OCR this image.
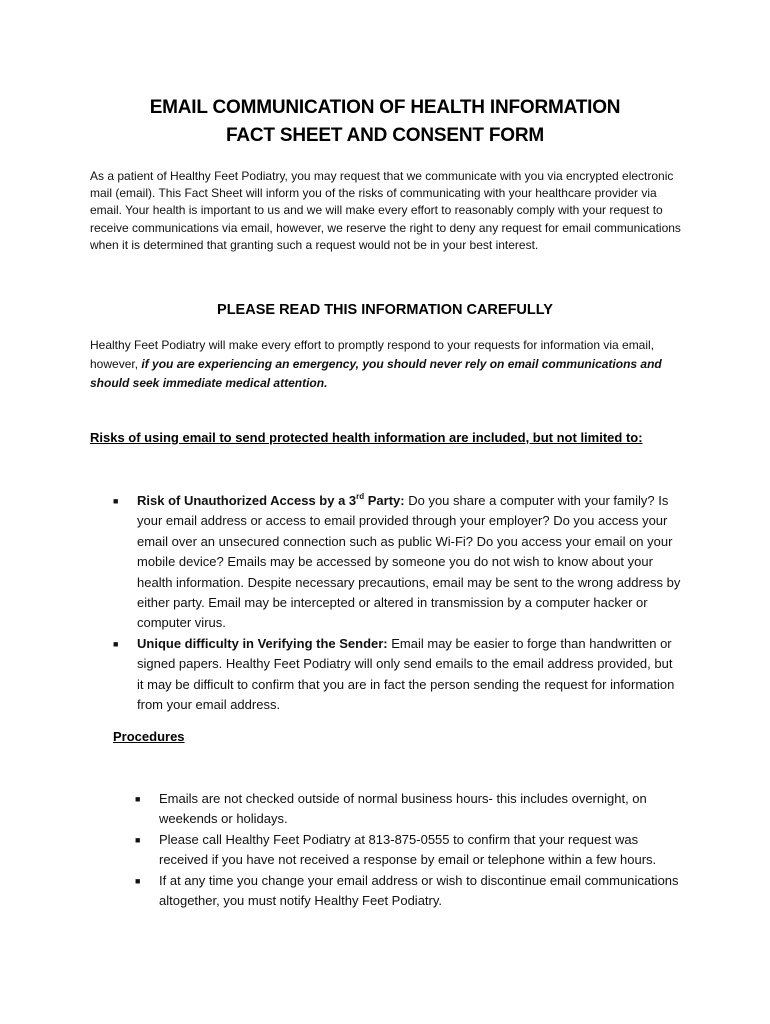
EMAIL COMMUNICATION OF HEALTH INFORMATION
FACT SHEET AND CONSENT FORM
As a patient of Healthy Feet Podiatry, you may request that we communicate with you via encrypted electronic mail (email). This Fact Sheet will inform you of the risks of communicating with your healthcare provider via email. Your health is important to us and we will make every effort to reasonably comply with your request to receive communications via email, however, we reserve the right to deny any request for email communications when it is determined that granting such a request would not be in your best interest.
PLEASE READ THIS INFORMATION CAREFULLY
Healthy Feet Podiatry will make every effort to promptly respond to your requests for information via email, however, if you are experiencing an emergency, you should never rely on email communications and should seek immediate medical attention.
Risks of using email to send protected health information are included, but not limited to:
■ Risk of Unauthorized Access by a 3rd Party: Do you share a computer with your family? Is your email address or access to email provided through your employer? Do you access your email over an unsecured connection such as public Wi-Fi? Do you access your email on your mobile device? Emails may be accessed by someone you do not wish to know about your health information. Despite necessary precautions, email may be sent to the wrong address by either party. Email may be intercepted or altered in transmission by a computer hacker or computer virus.
■ Unique difficulty in Verifying the Sender: Email may be easier to forge than handwritten or signed papers. Healthy Feet Podiatry will only send emails to the email address provided, but it may be difficult to confirm that you are in fact the person sending the request for information from your email address.
Procedures
■ Emails are not checked outside of normal business hours- this includes overnight, on weekends or holidays.
■ Please call Healthy Feet Podiatry at 813-875-0555 to confirm that your request was received if you have not received a response by email or telephone within a few hours.
■ If at any time you change your email address or wish to discontinue email communications altogether, you must notify Healthy Feet Podiatry.
